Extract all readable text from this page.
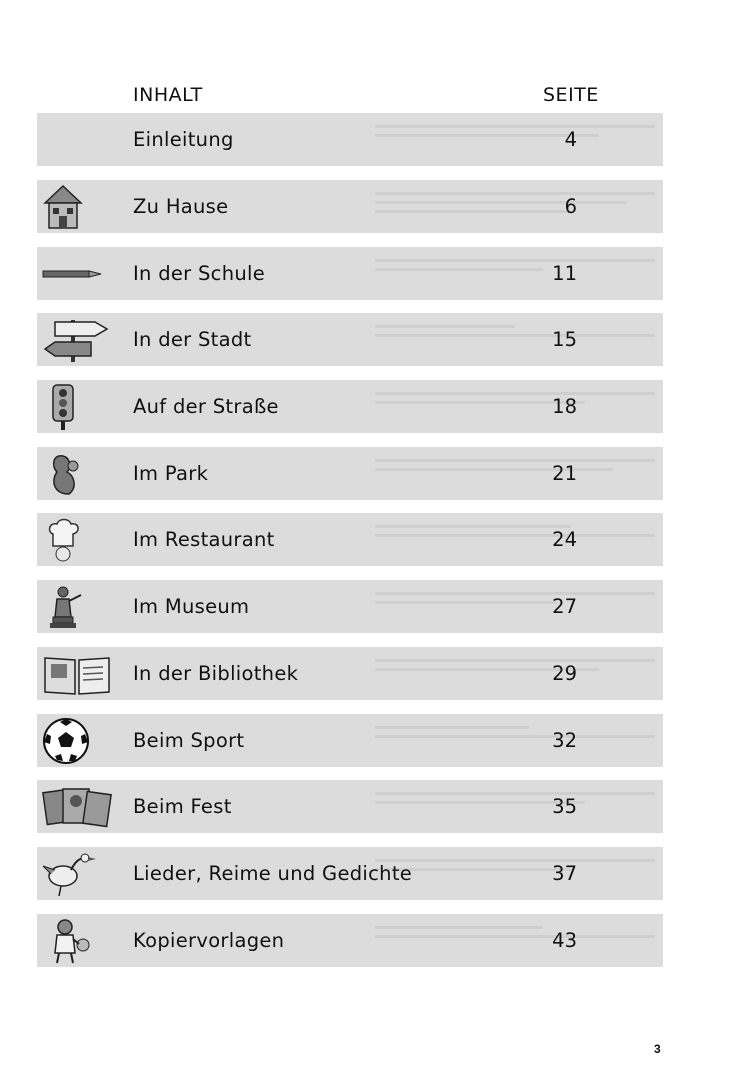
INHALT	SEITE
Einleitung	4
Zu Hause	6
In der Schule	11
In der Stadt	15
Auf der Straße	18
Im Park	21
Im Restaurant	24
Im Museum	27
In der Bibliothek	29
Beim Sport	32
Beim Fest	35
Lieder, Reime und Gedichte	37
Kopiervorlagen	43
3
